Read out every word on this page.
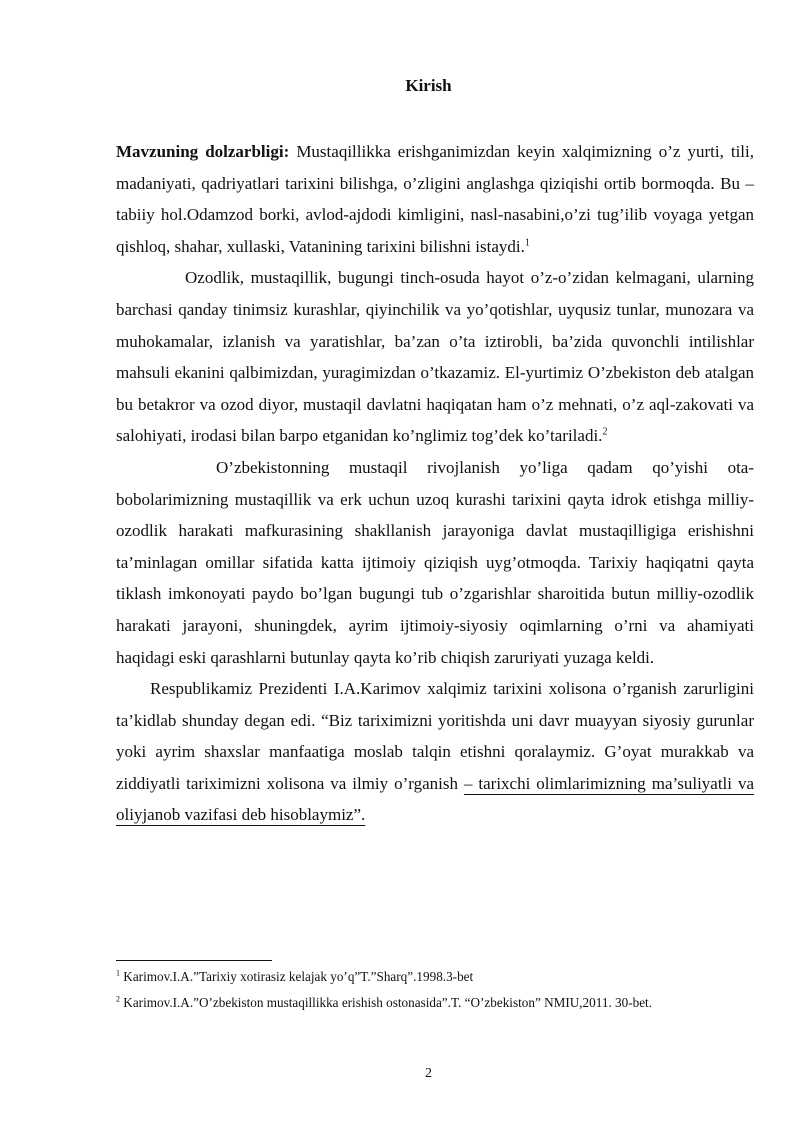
Kirish

Mavzuning dolzarbligi: Mustaqillikka erishganimizdan keyin xalqimizning o’z yurti, tili, madaniyati, qadriyatlari tarixini bilishga, o’zligini anglashga qiziqishi ortib bormoqda. Bu – tabiiy hol.Odamzod borki, avlod-ajdodi kimligini, nasl-nasabini,o’zi tug’ilib voyaga yetgan qishloq, shahar, xullaski, Vatanining tarixini bilishni istaydi.$^1$

Ozodlik, mustaqillik, bugungi tinch-osuda hayot o’z-o’zidan kelmagani, ularning barchasi qanday tinimsiz kurashlar, qiyinchilik va yo’qotishlar, uyqusiz tunlar, munozara va muhokamalar, izlanish va yaratishlar, ba’zan o’ta iztirobli, ba’zida quvonchli intilishlar mahsuli ekanini qalbimizdan, yuragimizdan o’tkazamiz. El-yurtimiz O’zbekiston deb atalgan bu betakror va ozod diyor, mustaqil davlatni haqiqatan ham o’z mehnati, o’z aql-zakovati va salohiyati, irodasi bilan barpo etganidan ko’nglimiz tog’dek ko’tariladi.$^2$

O’zbekistonning mustaqil rivojlanish yo’liga qadam qo’yishi ota-bobolarimizning mustaqillik va erk uchun uzoq kurashi tarixini qayta idrok etishga milliy-ozodlik harakati mafkurasining shakllanish jarayoniga davlat mustaqilligiga erishishni ta’minlagan omillar sifatida katta ijtimoiy qiziqish uyg’otmoqda. Tarixiy haqiqatni qayta tiklash imkonoyati paydo bo’lgan bugungi tub o’zgarishlar sharoitida butun milliy-ozodlik harakati jarayoni, shuningdek, ayrim ijtimoiy-siyosiy oqimlarning o’rni va ahamiyati haqidagi eski qarashlarni butunlay qayta ko’rib chiqish zaruriyati yuzaga keldi.

Respublikamiz Prezidenti I.A.Karimov xalqimiz tarixini xolisona o’rganish zarurligini ta’kidlab shunday degan edi. “Biz tariximizni yoritishda uni davr muayyan siyosiy gurunlar yoki ayrim shaxslar manfaatiga moslab talqin etishni qoralaymiz. G’oyat murakkab va ziddiyatli tariximizni xolisona va ilmiy o’rganish – tarixchi olimlarimizning ma’suliyatli va oliyjanob vazifasi deb hisoblaymiz”.

$^1$ Karimov.I.A.”Tarixiy xotirasiz kelajak yo’q”T.”Sharq”.1998.3-bet

$^2$ Karimov.I.A.”O’zbekiston mustaqillikka erishish ostonasida”.T. “O’zbekiston” NMIU,2011. 30-bet.

2
